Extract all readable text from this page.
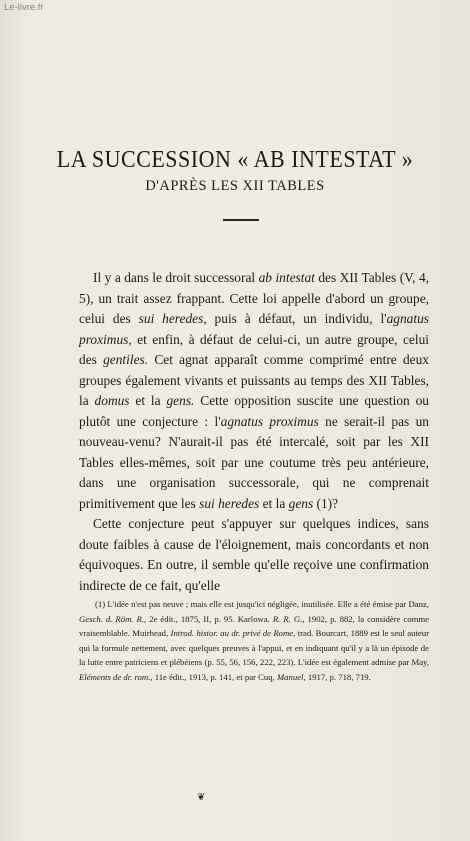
Le-livre.fr
LA SUCCESSION « AB INTESTAT »
D'APRÈS LES XII TABLES

Il y a dans le droit successoral ab intestat des XII Tables (V, 4, 5), un trait assez frappant. Cette loi appelle d'abord un groupe, celui des sui heredes, puis à défaut, un individu, l'agnatus proximus, et enfin, à défaut de celui-ci, un autre groupe, celui des gentiles. Cet agnat apparaît comme comprimé entre deux groupes également vivants et puissants au temps des XII Tables, la domus et la gens. Cette opposition suscite une question ou plutôt une conjecture : l'agnatus proximus ne serait-il pas un nouveau-venu? N'aurait-il pas été intercalé, soit par les XII Tables elles-mêmes, soit par une coutume très peu antérieure, dans une organisation successorale, qui ne comprenait primitivement que les sui heredes et la gens (1)?

Cette conjecture peut s'appuyer sur quelques indices, sans doute faibles à cause de l'éloignement, mais concordants et non équivoques. En outre, il semble qu'elle reçoive une confirmation indirecte de ce fait, qu'elle

(1) L'idée n'est pas neuve ; mais elle est jusqu'ici négligée, inutilisée. Elle a été émise par Danz, Gesch. d. Röm. R., 2e édit., 1875, II, p. 95. Karlowa. R. R. G., 1902, p. 882, la considère comme vraisemblable. Muirhead, Introd. histor. au dr. privé de Rome, trad. Bourcart, 1889 est le seul auteur qui la formule nettement, avec quelques preuves à l'appui, et en indiquant qu'il y a là un épisode de la lutte entre patriciens et plébéiens (p. 55, 56, 156, 222, 223). L'idée est également admise par May, Eléments de dr. rom., 11e édit., 1913, p. 141, et par Cuq, Manuel, 1917, p. 718, 719.

❦
